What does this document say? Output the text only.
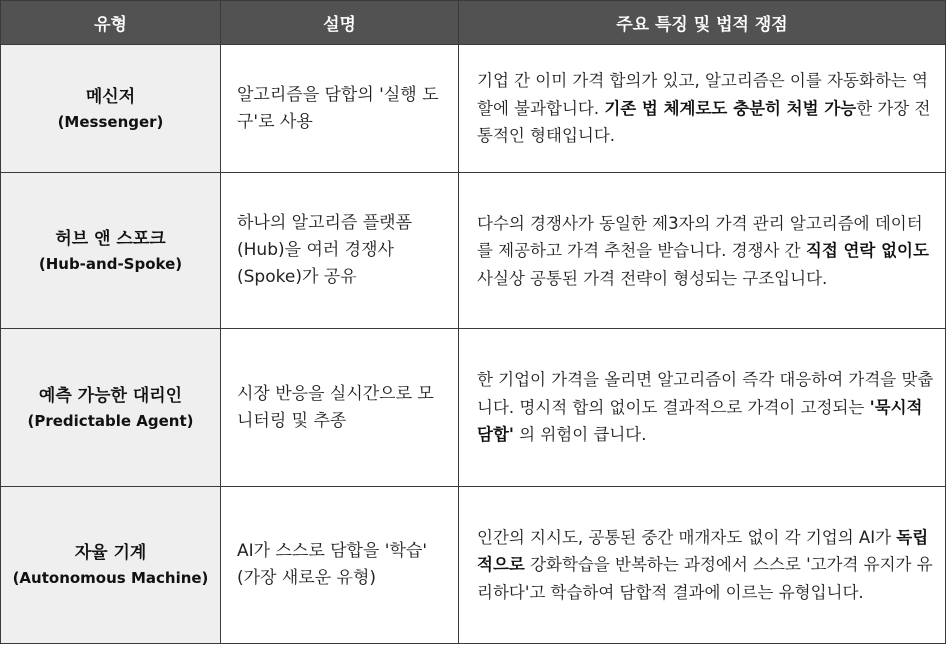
유형	설명	주요 특징 및 법적 쟁점

메신저
(Messenger)	알고리즘을 담합의 '실행 도구'로 사용	기업 간 이미 가격 합의가 있고, 알고리즘은 이를 자동화하는 역할에 불과합니다. 기존 법 체계로도 충분히 처벌 가능한 가장 전통적인 형태입니다.

허브 앤 스포크
(Hub-and-Spoke)	하나의 알고리즘 플랫폼(Hub)을 여러 경쟁사(Spoke)가 공유	다수의 경쟁사가 동일한 제3자의 가격 관리 알고리즘에 데이터를 제공하고 가격 추천을 받습니다. 경쟁사 간 직접 연락 없이도 사실상 공통된 가격 전략이 형성되는 구조입니다.

예측 가능한 대리인
(Predictable Agent)	시장 반응을 실시간으로 모니터링 및 추종	한 기업이 가격을 올리면 알고리즘이 즉각 대응하여 가격을 맞춥니다. 명시적 합의 없이도 결과적으로 가격이 고정되는 '묵시적 담합' 의 위험이 큽니다.

자율 기계
(Autonomous Machine)	AI가 스스로 담합을 '학습' (가장 새로운 유형)	인간의 지시도, 공통된 중간 매개자도 없이 각 기업의 AI가 독립적으로 강화학습을 반복하는 과정에서 스스로 '고가격 유지가 유리하다'고 학습하여 담합적 결과에 이르는 유형입니다.
